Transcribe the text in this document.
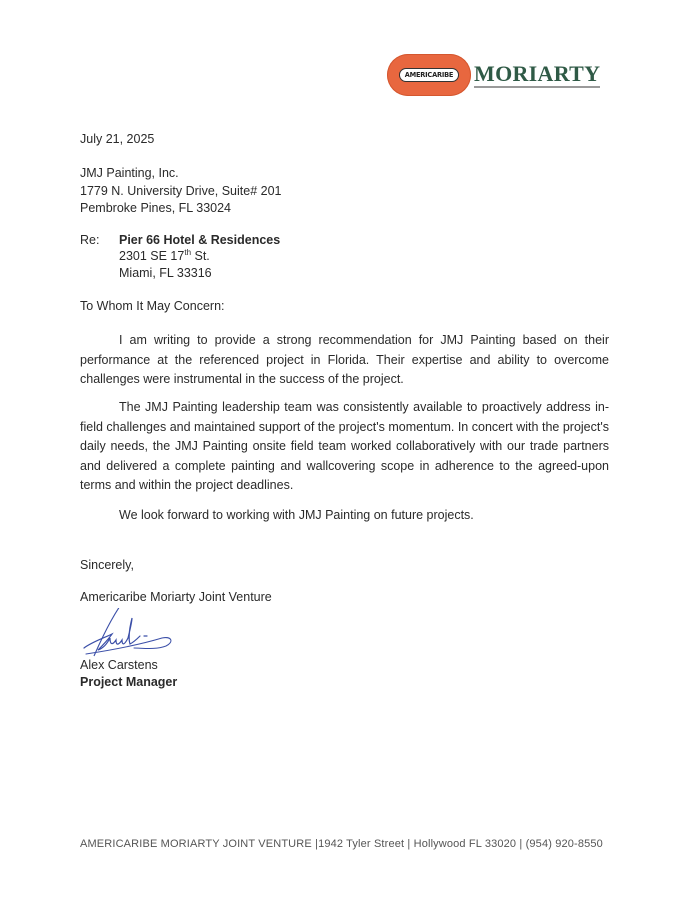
AMERICARIBE MORIARTY
July 21, 2025
JMJ Painting, Inc.
1779 N. University Drive, Suite# 201
Pembroke Pines, FL 33024
Re: Pier 66 Hotel & Residences
2301 SE 17th St.
Miami, FL 33316
To Whom It May Concern:
I am writing to provide a strong recommendation for JMJ Painting based on their performance at the referenced project in Florida. Their expertise and ability to overcome challenges were instrumental in the success of the project.
The JMJ Painting leadership team was consistently available to proactively address in-field challenges and maintained support of the project's momentum. In concert with the project's daily needs, the JMJ Painting onsite field team worked collaboratively with our trade partners and delivered a complete painting and wallcovering scope in adherence to the agreed-upon terms and within the project deadlines.
We look forward to working with JMJ Painting on future projects.
Sincerely,
Americaribe Moriarty Joint Venture
Alex Carstens
Project Manager
AMERICARIBE MORIARTY JOINT VENTURE |1942 Tyler Street | Hollywood FL 33020 | (954) 920-8550
